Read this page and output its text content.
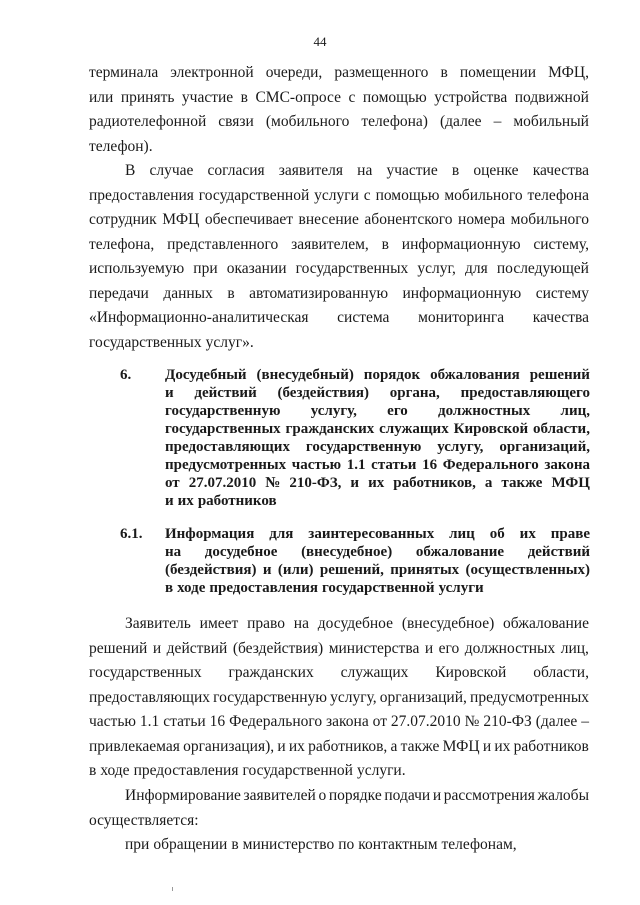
44
терминала электронной очереди, размещенного в помещении МФЦ,
или принять участие в СМС-опросе с помощью устройства подвижной
радиотелефонной связи (мобильного телефона) (далее – мобильный
телефон).
В случае согласия заявителя на участие в оценке качества
предоставления государственной услуги с помощью мобильного телефона
сотрудник МФЦ обеспечивает внесение абонентского номера мобильного
телефона, представленного заявителем, в информационную систему,
используемую при оказании государственных услуг, для последующей
передачи данных в автоматизированную информационную систему
«Информационно-аналитическая система мониторинга качества
государственных услуг».
6. Досудебный (внесудебный) порядок обжалования решений
и действий (бездействия) органа, предоставляющего
государственную услугу, его должностных лиц,
государственных гражданских служащих Кировской области,
предоставляющих государственную услугу, организаций,
предусмотренных частью 1.1 статьи 16 Федерального закона
от 27.07.2010 № 210-ФЗ, и их работников, а также МФЦ
и их работников
6.1. Информация для заинтересованных лиц об их праве
на досудебное (внесудебное) обжалование действий
(бездействия) и (или) решений, принятых (осуществленных)
в ходе предоставления государственной услуги
Заявитель имеет право на досудебное (внесудебное) обжалование
решений и действий (бездействия) министерства и его должностных лиц,
государственных гражданских служащих Кировской области,
предоставляющих государственную услугу, организаций, предусмотренных
частью 1.1 статьи 16 Федерального закона от 27.07.2010 № 210-ФЗ (далее –
привлекаемая организация), и их работников, а также МФЦ и их работников
в ходе предоставления государственной услуги.
Информирование заявителей о порядке подачи и рассмотрения жалобы
осуществляется:
при обращении в министерство по контактным телефонам,
